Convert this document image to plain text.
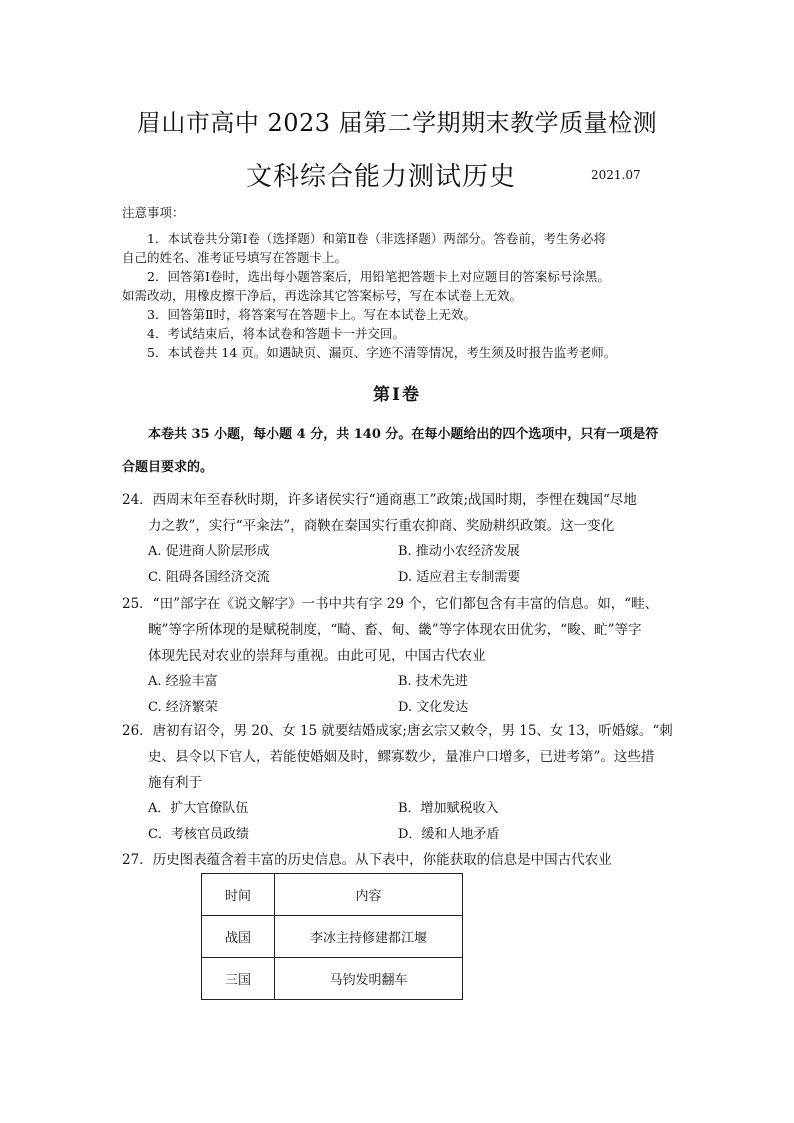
眉山市高中 2023 届第二学期期末教学质量检测
文科综合能力测试历史	2021.07
注意事项：
1．本试卷共分第Ⅰ卷（选择题）和第Ⅱ卷（非选择题）两部分。答卷前，考生务必将
自己的姓名、准考证号填写在答题卡上。
2．回答第Ⅰ卷时，选出每小题答案后，用铅笔把答题卡上对应题目的答案标号涂黑。
如需改动，用橡皮擦干净后，再选涂其它答案标号，写在本试卷上无效。
3．回答第Ⅱ时，将答案写在答题卡上。写在本试卷上无效。
4．考试结束后，将本试卷和答题卡一并交回。
5．本试卷共 14 页。如遇缺页、漏页、字迹不清等情况，考生须及时报告监考老师。
第Ⅰ卷
本卷共 35 小题，每小题 4 分，共 140 分。在每小题给出的四个选项中，只有一项是符
合题目要求的。
24．西周末年至春秋时期，许多诸侯实行“通商惠工”政策;战国时期，李悝在魏国“尽地
力之教”，实行“平籴法”，商鞅在秦国实行重农抑商、奖励耕织政策。这一变化
A. 促进商人阶层形成	B. 推动小农经济发展
C. 阻碍各国经济交流	D. 适应君主专制需要
25．“田”部字在《说文解字》一书中共有字 29 个，它们都包含有丰富的信息。如，“畦、
畹”等字所体现的是赋税制度，“畸、畜、甸、畿”等字体现农田优劣，“畯、甿”等字
体现先民对农业的崇拜与重视。由此可见，中国古代农业
A. 经验丰富	B. 技术先进
C. 经济繁荣	D. 文化发达
26．唐初有诏令，男 20、女 15 就要结婚成家;唐玄宗又敕令，男 15、女 13，听婚嫁。“刺
史、县令以下官人，若能使婚姻及时，鳏寡数少，量准户口增多，已进考第”。这些措
施有利于
A．扩大官僚队伍	B．增加赋税收入
C．考核官员政绩	D．缓和人地矛盾
27．历史图表蕴含着丰富的历史信息。从下表中，你能获取的信息是中国古代农业
时间	内容
战国	李冰主持修建都江堰
三国	马钧发明翻车
